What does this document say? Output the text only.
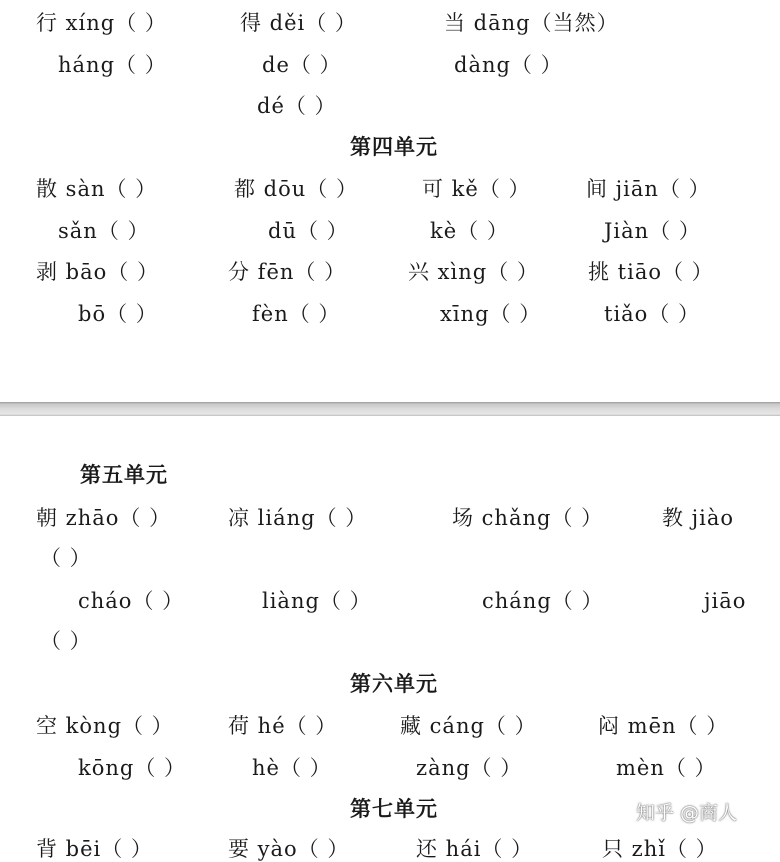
行 xíng（ ）	得 děi（ ）	当 dāng（当然）
háng（ ）	de（ ）	dàng（ ）
dé（ ）
第四单元
散 sàn（ ）	都 dōu（ ）	可 kě（ ）	间 jiān（ ）
sǎn（ ）	dū（ ）	kè（ ）	Jiàn（ ）
剥 bāo（ ）	分 fēn（ ）	兴 xìng（ ） 挑 tiāo（ ）
bō（ ）	fèn（ ）	xīng（ ）	tiǎo（ ）
第五单元
朝 zhāo（ ）	凉 liáng（ ）	场 chǎng（ ）	教 jiào
（ ）
cháo（ ）	liàng（ ）	cháng（ ）	jiāo
（ ）
第六单元
空 kòng（ ）	荷 hé（ ）	藏 cáng（ ）	闷 mēn（ ）
kōng（ ）	hè（ ）	zàng（ ）	mèn（ ）
第七单元
背 bēi（ ）	要 yào（ ）	还 hái（ ）	只 zhǐ（ ）
知乎 @商人
